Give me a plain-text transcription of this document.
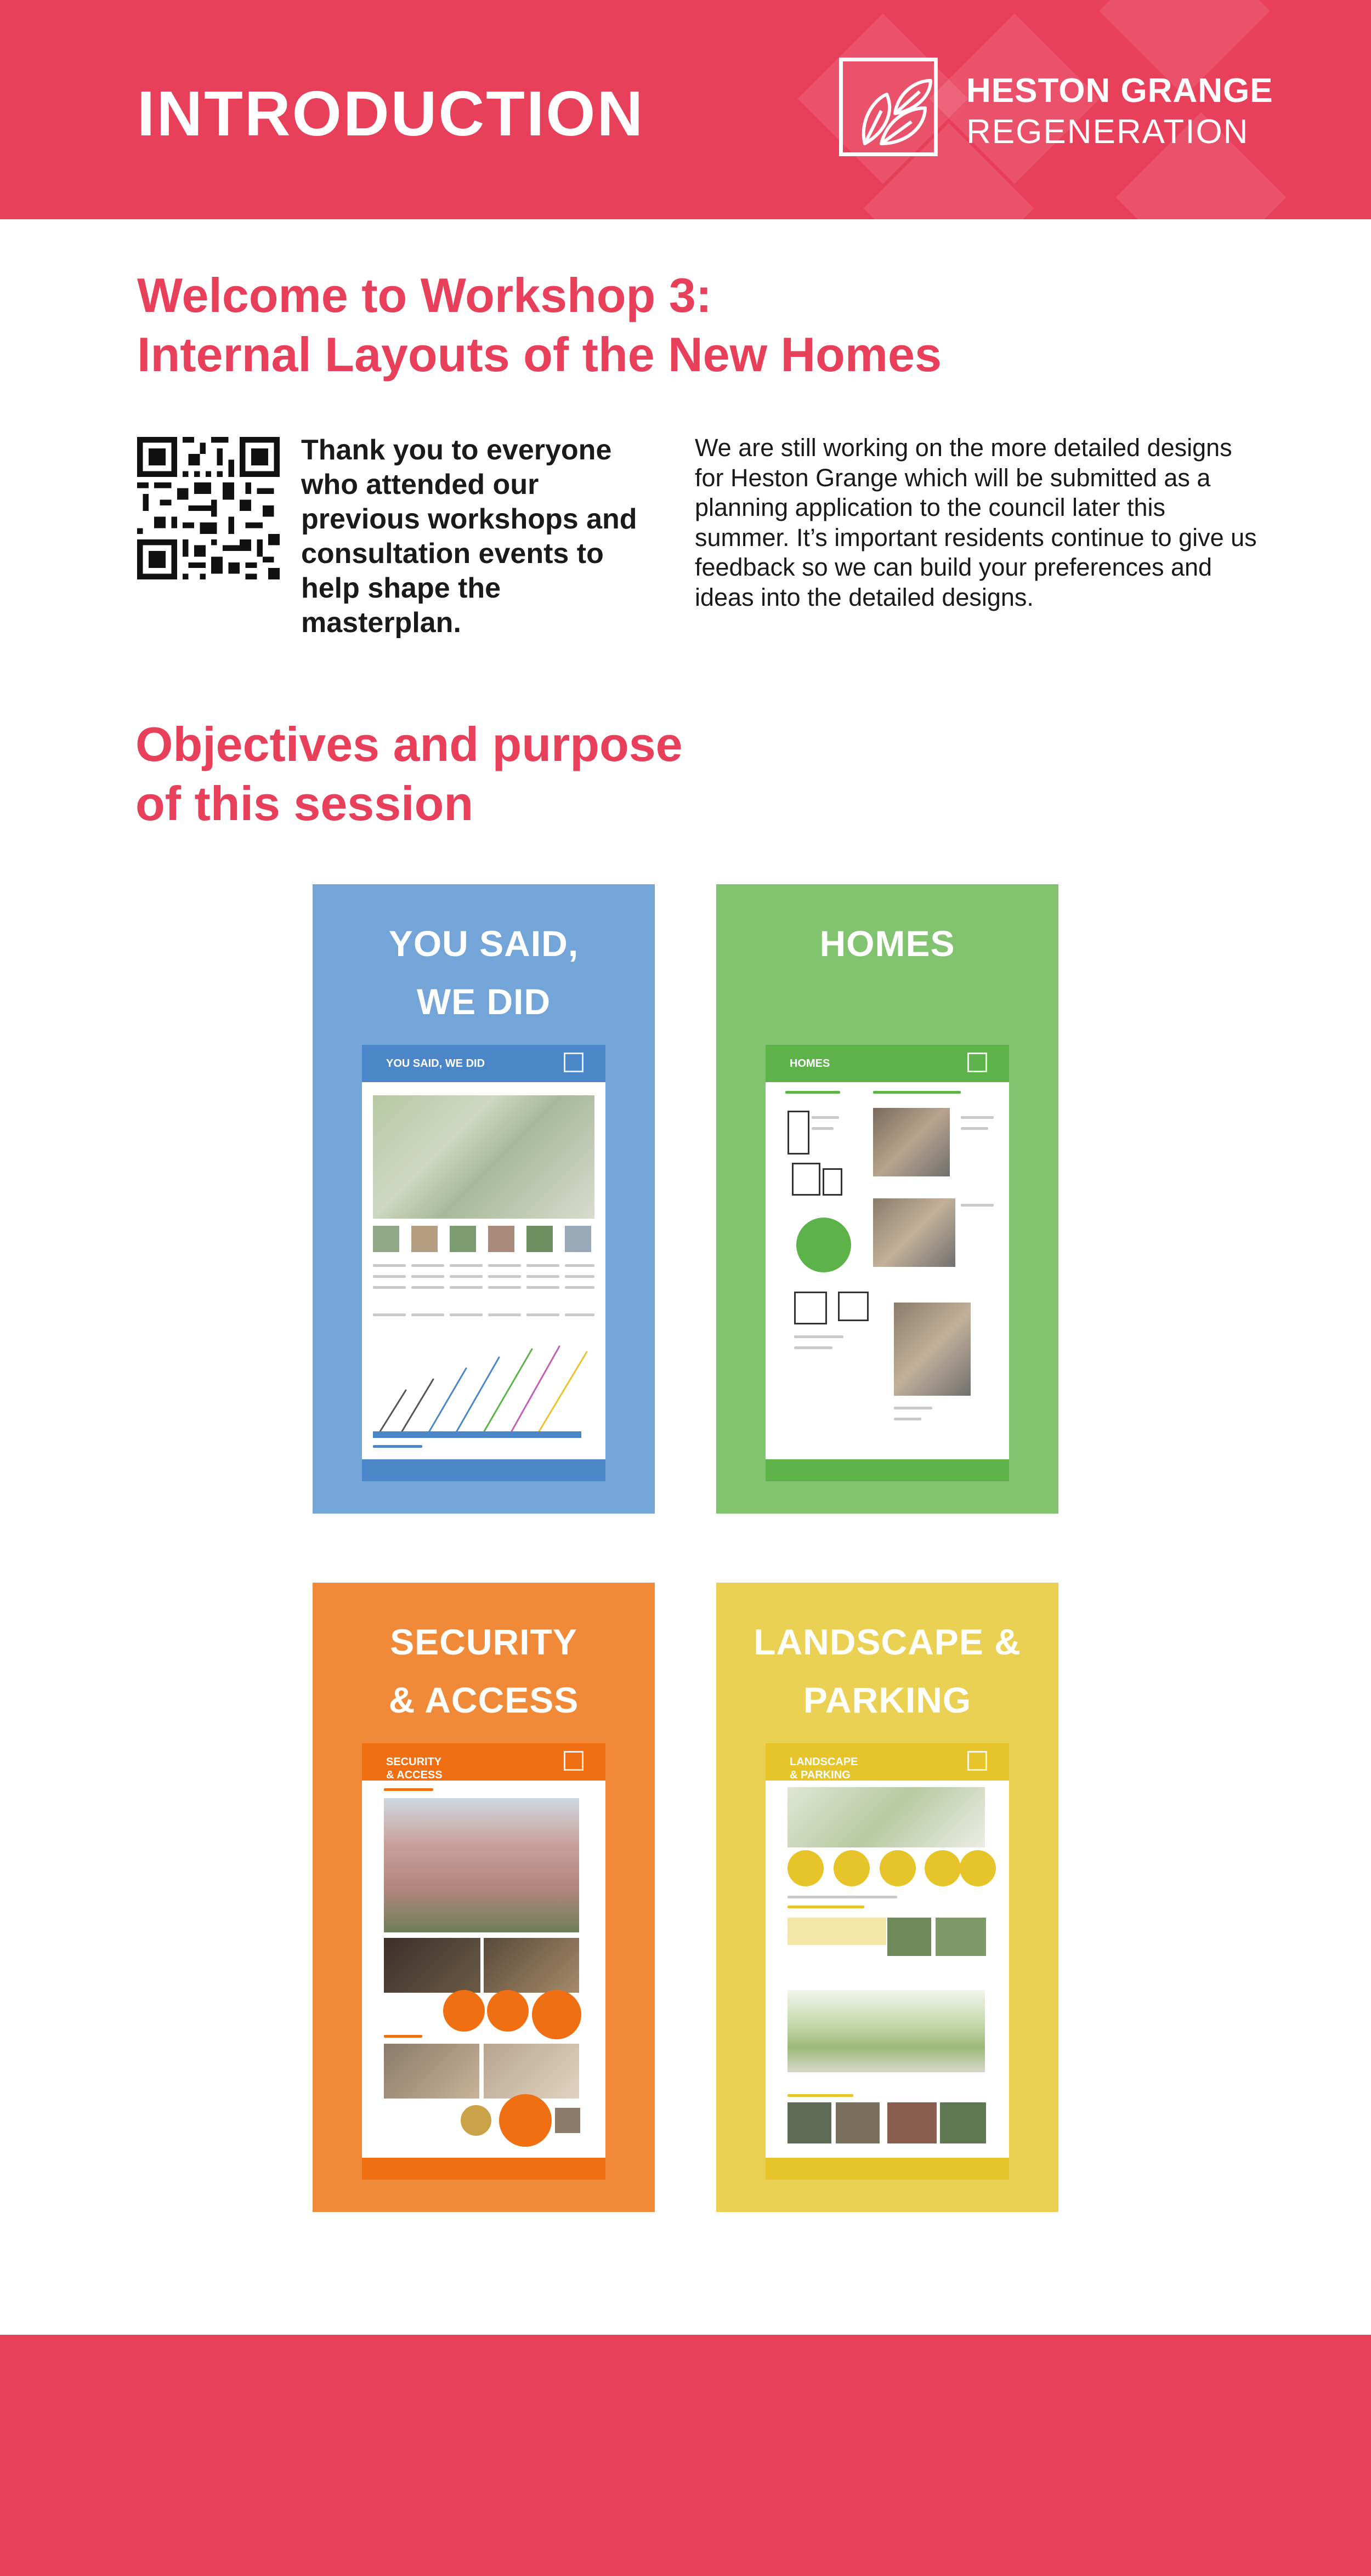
INTRODUCTION	HESTON GRANGE
REGENERATION
Welcome to Workshop 3:
Internal Layouts of the New Homes
Thank you to everyone who attended our previous workshops and consultation events to help shape the masterplan.
We are still working on the more detailed designs for Heston Grange which will be submitted as a planning application to the council later this summer. It’s important residents continue to give us feedback so we can build your preferences and ideas into the detailed designs.
Objectives and purpose
of this session
YOU SAID,
WE DID
YOU SAID, WE DID
HOMES
HOMES
SECURITY
& ACCESS
SECURITY & ACCESS
LANDSCAPE &
PARKING
LANDSCAPE & PARKING
